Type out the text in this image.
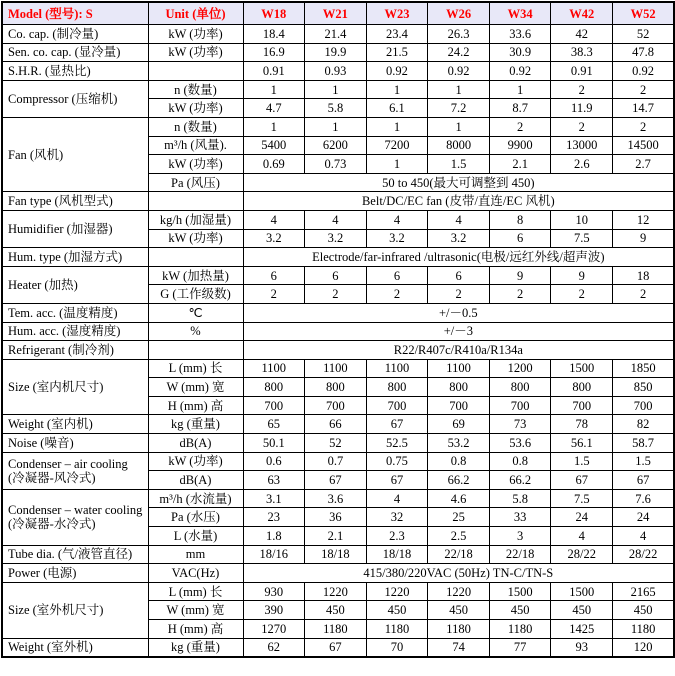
Model (型号): S	Unit (单位)	W18	W21	W23	W26	W34	W42	W52
Co. cap. (制冷量)	kW (功率)	18.4	21.4	23.4	26.3	33.6	42	52
Sen. co. cap. (显冷量)	kW (功率)	16.9	19.9	21.5	24.2	30.9	38.3	47.8
S.H.R. (显热比)		0.91	0.93	0.92	0.92	0.92	0.91	0.92
Compressor (压缩机)	n (数量)	1	1	1	1	1	2	2
	kW (功率)	4.7	5.8	6.1	7.2	8.7	11.9	14.7
Fan (风机)	n (数量)	1	1	1	1	2	2	2
	m³/h (风量).	5400	6200	7200	8000	9900	13000	14500
	kW (功率)	0.69	0.73	1	1.5	2.1	2.6	2.7
	Pa (风压)	50 to 450(最大可调整到 450)						
Fan type (风机型式)		Belt/DC/EC fan (皮带/直连/EC 风机)						
Humidifier (加湿器)	kg/h (加湿量)	4	4	4	4	8	10	12
	kW (功率)	3.2	3.2	3.2	3.2	6	7.5	9
Hum. type (加湿方式)		Electrode/far-infrared /ultrasonic(电极/远红外线/超声波)						
Heater (加热)	kW (加热量)	6	6	6	6	9	9	18
	G (工作级数)	2	2	2	2	2	2	2
Tem. acc. (温度精度)	℃	+/－0.5						
Hum. acc. (湿度精度)	%	+/－3						
Refrigerant (制冷剂)		R22/R407c/R410a/R134a						
Size (室内机尺寸)	L (mm) 长	1100	1100	1100	1100	1200	1500	1850
	W (mm) 宽	800	800	800	800	800	800	850
	H (mm) 高	700	700	700	700	700	700	700
Weight (室内机)	kg (重量)	65	66	67	69	73	78	82
Noise (噪音)	dB(A)	50.1	52	52.5	53.2	53.6	56.1	58.7
Condenser – air cooling (冷凝器-风冷式)	kW (功率)	0.6	0.7	0.75	0.8	0.8	1.5	1.5
	dB(A)	63	67	67	66.2	66.2	67	67
Condenser – water cooling (冷凝器-水冷式)	m³/h (水流量)	3.1	3.6	4	4.6	5.8	7.5	7.6
	Pa (水压)	23	36	32	25	33	24	24
	L (水量)	1.8	2.1	2.3	2.5	3	4	4
Tube dia. (气/液管直径)	mm	18/16	18/18	18/18	22/18	22/18	28/22	28/22
Power (电源)	VAC(Hz)	415/380/220VAC (50Hz) TN-C/TN-S						
Size (室外机尺寸)	L (mm) 长	930	1220	1220	1220	1500	1500	2165
	W (mm) 宽	390	450	450	450	450	450	450
	H (mm) 高	1270	1180	1180	1180	1180	1425	1180
Weight (室外机)	kg (重量)	62	67	70	74	77	93	120
